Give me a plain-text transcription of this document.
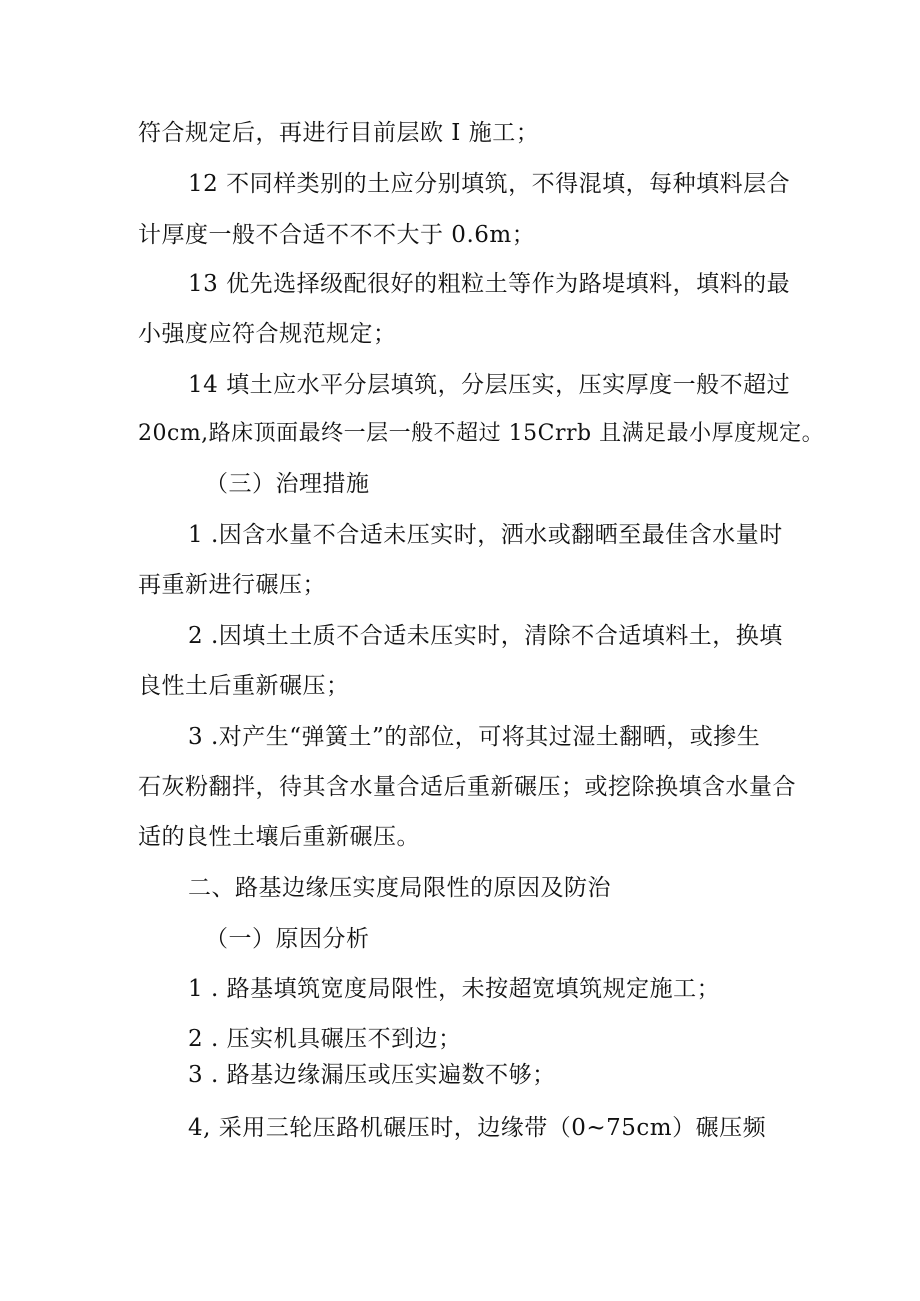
符合规定后，再进行目前层欧 I 施工；
12 不同样类别的土应分别填筑，不得混填，每种填料层合
计厚度一般不合适不不不大于 0.6m；
13 优先选择级配很好的粗粒土等作为路堤填料，填料的最
小强度应符合规范规定；
14 填土应水平分层填筑，分层压实，压实厚度一般不超过
20cm,路床顶面最终一层一般不超过 15Crrb 且满足最小厚度规定。
（三）治理措施
1 .因含水量不合适未压实时，洒水或翻晒至最佳含水量时
再重新进行碾压；
2 .因填土土质不合适未压实时，清除不合适填料土，换填
良性土后重新碾压；
3 .对产生“弹簧土”的部位，可将其过湿土翻晒，或掺生
石灰粉翻拌，待其含水量合适后重新碾压；或挖除换填含水量合
适的良性土壤后重新碾压。
二、路基边缘压实度局限性的原因及防治
（一）原因分析
1 . 路基填筑宽度局限性，未按超宽填筑规定施工；
2 . 压实机具碾压不到边；
3 . 路基边缘漏压或压实遍数不够；
4, 采用三轮压路机碾压时，边缘带（0~75cm）碾压频
